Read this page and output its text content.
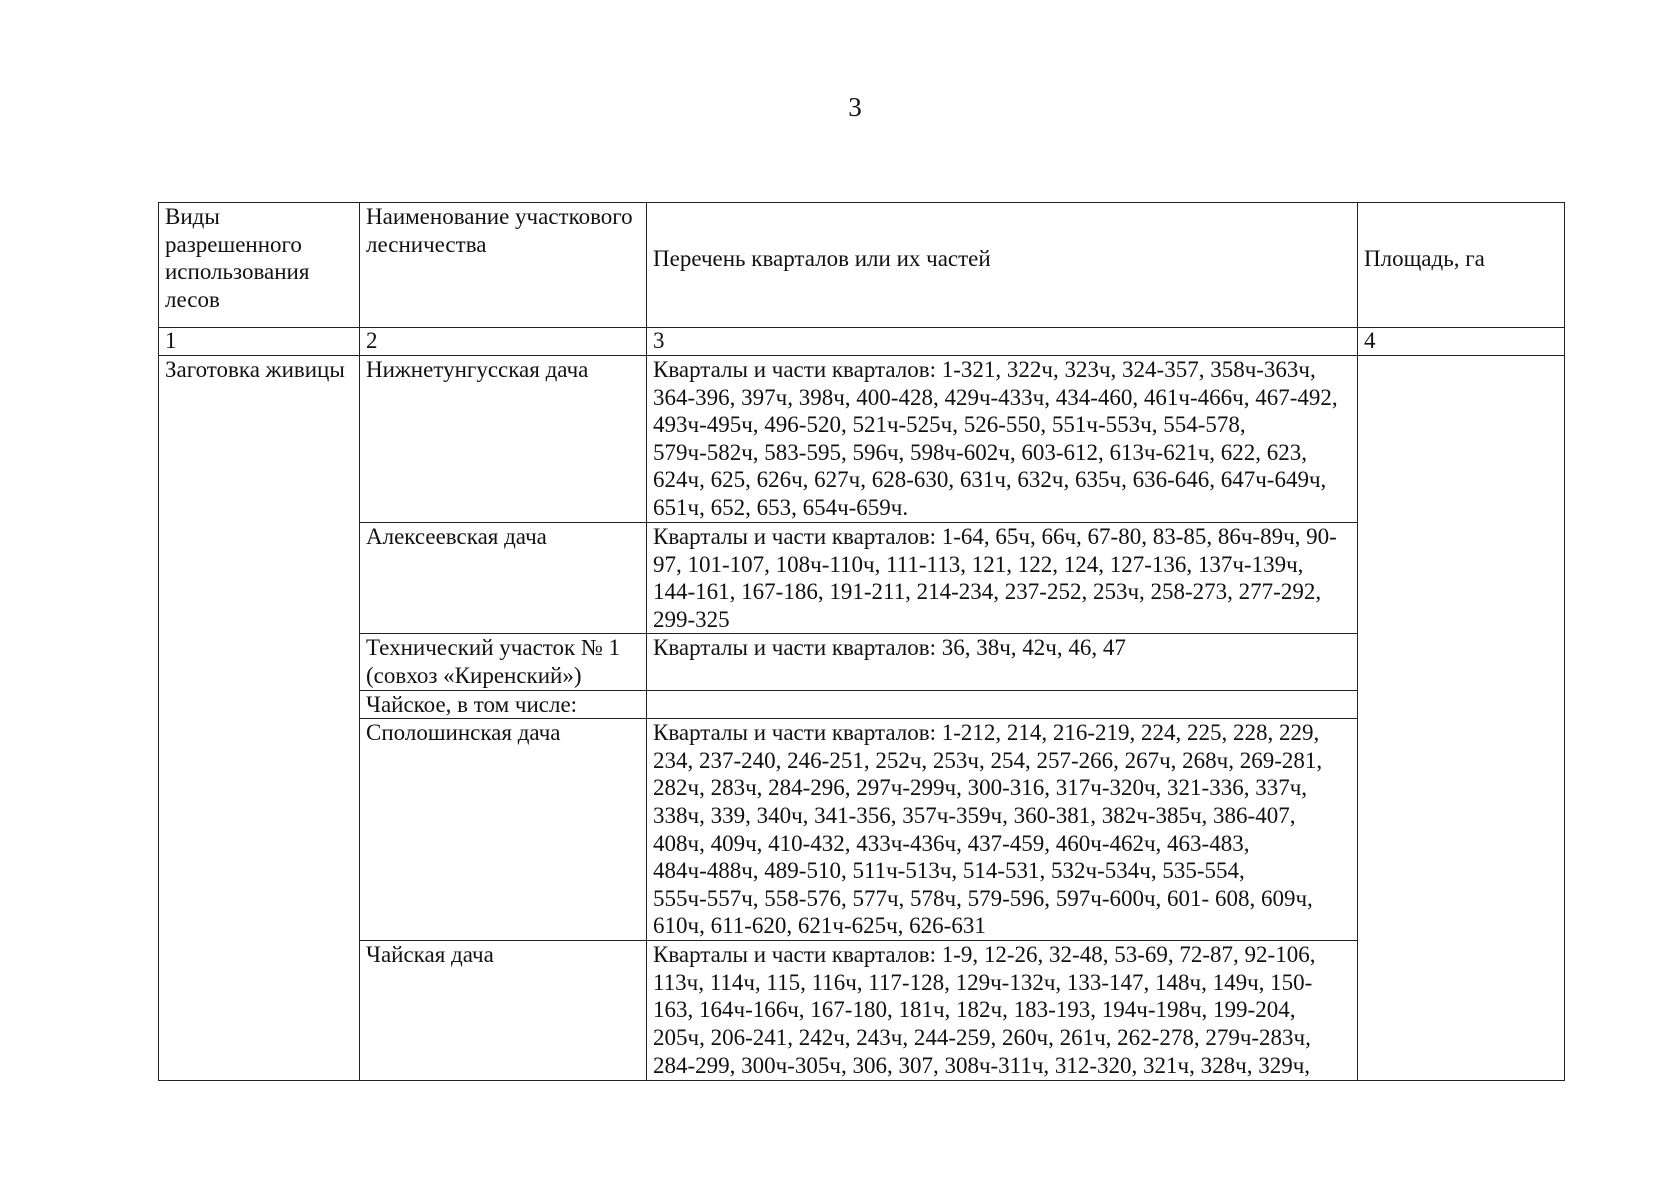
3
Виды разрешенного использования лесов	Наименование участкового лесничества	Перечень кварталов или их частей	Площадь, га
1	2	3	4
Заготовка живицы	Нижнетунгусская дача	Кварталы и части кварталов: 1-321, 322ч, 323ч, 324-357, 358ч-363ч, 364-396, 397ч, 398ч, 400-428, 429ч-433ч, 434-460, 461ч-466ч, 467-492, 493ч-495ч, 496-520, 521ч-525ч, 526-550, 551ч-553ч, 554-578, 579ч-582ч, 583-595, 596ч, 598ч-602ч, 603-612, 613ч-621ч, 622, 623, 624ч, 625, 626ч, 627ч, 628-630, 631ч, 632ч, 635ч, 636-646, 647ч-649ч, 651ч, 652, 653, 654ч-659ч.	
	Алексеевская дача	Кварталы и части кварталов: 1-64, 65ч, 66ч, 67-80, 83-85, 86ч-89ч, 90-97, 101-107, 108ч-110ч, 111-113, 121, 122, 124, 127-136, 137ч-139ч, 144-161, 167-186, 191-211, 214-234, 237-252, 253ч, 258-273, 277-292, 299-325	
	Технический участок № 1 (совхоз «Киренский»)	Кварталы и части кварталов: 36, 38ч, 42ч, 46, 47	
	Чайское, в том числе:		
	Сполошинская дача	Кварталы и части кварталов: 1-212, 214, 216-219, 224, 225, 228, 229, 234, 237-240, 246-251, 252ч, 253ч, 254, 257-266, 267ч, 268ч, 269-281, 282ч, 283ч, 284-296, 297ч-299ч, 300-316, 317ч-320ч, 321-336, 337ч, 338ч, 339, 340ч, 341-356, 357ч-359ч, 360-381, 382ч-385ч, 386-407, 408ч, 409ч, 410-432, 433ч-436ч, 437-459, 460ч-462ч, 463-483, 484ч-488ч, 489-510, 511ч-513ч, 514-531, 532ч-534ч, 535-554, 555ч-557ч, 558-576, 577ч, 578ч, 579-596, 597ч-600ч, 601- 608, 609ч, 610ч, 611-620, 621ч-625ч, 626-631	
	Чайская дача	Кварталы и части кварталов: 1-9, 12-26, 32-48, 53-69, 72-87, 92-106, 113ч, 114ч, 115, 116ч, 117-128, 129ч-132ч, 133-147, 148ч, 149ч, 150-163, 164ч-166ч, 167-180, 181ч, 182ч, 183-193, 194ч-198ч, 199-204, 205ч, 206-241, 242ч, 243ч, 244-259, 260ч, 261ч, 262-278, 279ч-283ч, 284-299, 300ч-305ч, 306, 307, 308ч-311ч, 312-320, 321ч, 328ч, 329ч,	
